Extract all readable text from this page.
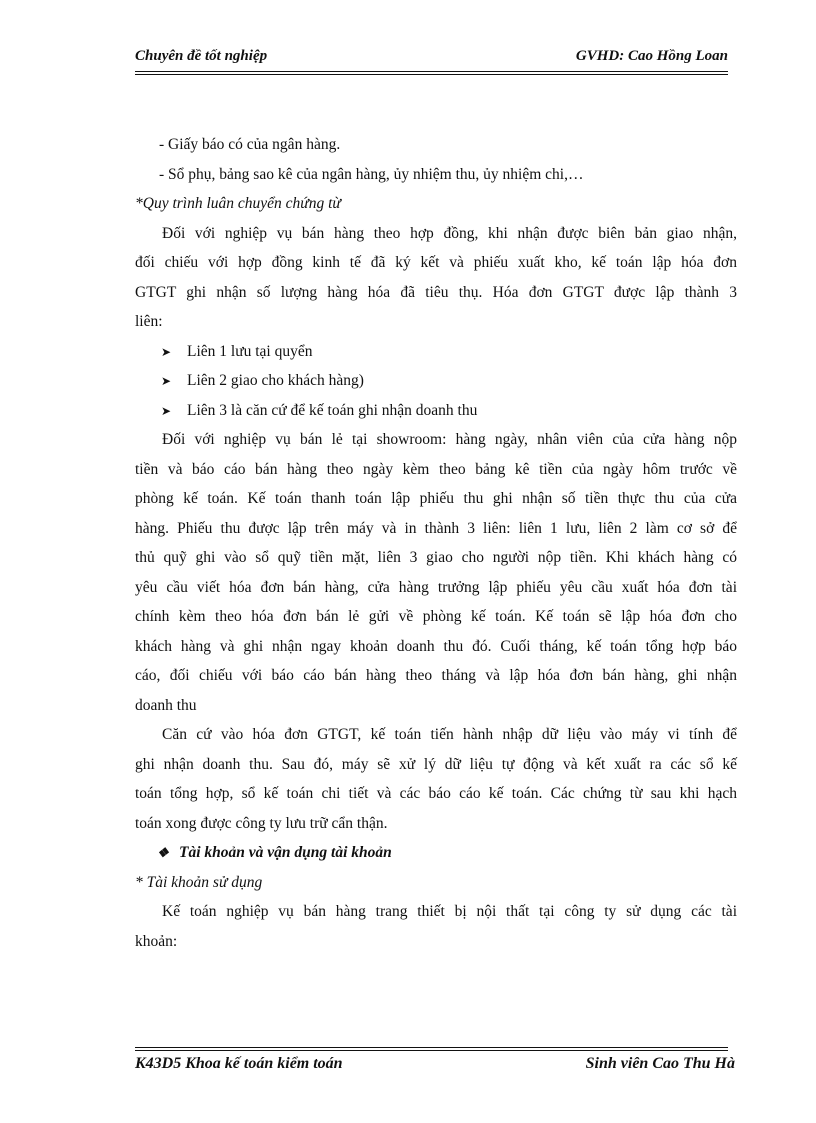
Chuyên đề tốt nghiệp	GVHD: Cao Hồng Loan
- Giấy báo có của ngân hàng.
- Sổ phụ, bảng sao kê của ngân hàng, ủy nhiệm thu, ủy nhiệm chi,…
*Quy trình luân chuyển chứng từ
Đối với nghiệp vụ bán hàng theo hợp đồng, khi nhận được biên bản giao nhận,
đối chiếu với hợp đồng kinh tế đã ký kết và phiếu xuất kho, kế toán lập hóa đơn
GTGT ghi nhận số lượng hàng hóa đã tiêu thụ. Hóa đơn GTGT được lập thành 3
liên:
➤ Liên 1 lưu tại quyển
➤ Liên 2 giao cho khách hàng)
➤ Liên 3 là căn cứ để kế toán ghi nhận doanh thu
Đối với nghiệp vụ bán lẻ tại showroom: hàng ngày, nhân viên của cửa hàng nộp
tiền và báo cáo bán hàng theo ngày kèm theo bảng kê tiền của ngày hôm trước về
phòng kế toán. Kế toán thanh toán lập phiếu thu ghi nhận số tiền thực thu của cửa
hàng. Phiếu thu được lập trên máy và in thành 3 liên: liên 1 lưu, liên 2 làm cơ sở để
thủ quỹ ghi vào sổ quỹ tiền mặt, liên 3 giao cho người nộp tiền. Khi khách hàng có
yêu cầu viết hóa đơn bán hàng, cửa hàng trưởng lập phiếu yêu cầu xuất hóa đơn tài
chính kèm theo hóa đơn bán lẻ gửi về phòng kế toán. Kế toán sẽ lập hóa đơn cho
khách hàng và ghi nhận ngay khoản doanh thu đó. Cuối tháng, kế toán tổng hợp báo
cáo, đối chiếu với báo cáo bán hàng theo tháng và lập hóa đơn bán hàng, ghi nhận
doanh thu
Căn cứ vào hóa đơn GTGT, kế toán tiến hành nhập dữ liệu vào máy vi tính để
ghi nhận doanh thu. Sau đó, máy sẽ xử lý dữ liệu tự động và kết xuất ra các sổ kế
toán tổng hợp, sổ kế toán chi tiết và các báo cáo kế toán. Các chứng từ sau khi hạch
toán xong được công ty lưu trữ cẩn thận.
❖ Tài khoản và vận dụng tài khoản
* Tài khoản sử dụng
Kế toán nghiệp vụ bán hàng trang thiết bị nội thất tại công ty sử dụng các tài
khoản:
K43D5 Khoa kế toán kiểm toán	Sinh viên Cao Thu Hà
